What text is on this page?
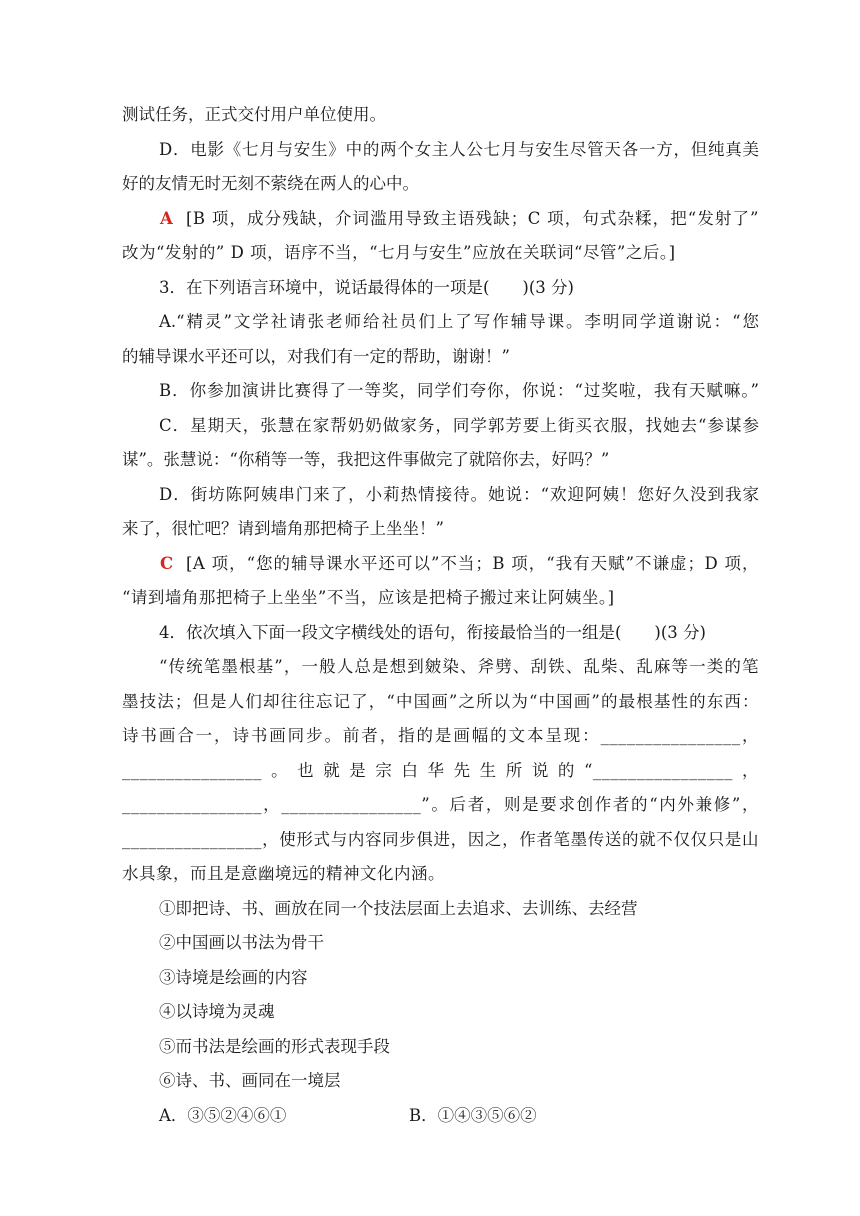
测试任务，正式交付用户单位使用。
D．电影《七月与安生》中的两个女主人公七月与安生尽管天各一方，但纯真美
好的友情无时无刻不萦绕在两人的心中。
A [B 项，成分残缺，介词滥用导致主语残缺；C 项，句式杂糅，把“发射了”
改为“发射的” D 项，语序不当，“七月与安生”应放在关联词“尽管”之后。]
3．在下列语言环境中，说话最得体的一项是(　　)(3 分)
A.“精灵”文学社请张老师给社员们上了写作辅导课。李明同学道谢说：“您
的辅导课水平还可以，对我们有一定的帮助，谢谢！”
B．你参加演讲比赛得了一等奖，同学们夸你，你说：“过奖啦，我有天赋嘛。”
C．星期天，张慧在家帮奶奶做家务，同学郭芳要上街买衣服，找她去“参谋参
谋”。张慧说：“你稍等一等，我把这件事做完了就陪你去，好吗？”
D．街坊陈阿姨串门来了，小莉热情接待。她说：“欢迎阿姨！您好久没到我家
来了，很忙吧？请到墙角那把椅子上坐坐！”
C [A 项，“您的辅导课水平还可以”不当；B 项，“我有天赋”不谦虚；D 项，
“请到墙角那把椅子上坐坐”不当，应该是把椅子搬过来让阿姨坐。]
4．依次填入下面一段文字横线处的语句，衔接最恰当的一组是(　　)(3 分)
“传统笔墨根基”，一般人总是想到皴染、斧劈、刮铁、乱柴、乱麻等一类的笔
墨技法；但是人们却往往忘记了，“中国画”之所以为“中国画”的最根基性的东西：
诗书画合一，诗书画同步。前者，指的是画幅的文本呈现：________________，
________________。也就是宗白华先生所说的“________________，
________________，________________”。后者，则是要求创作者的“内外兼修”，
________________，使形式与内容同步俱进，因之，作者笔墨传送的就不仅仅只是山
水具象，而且是意幽境远的精神文化内涵。
①即把诗、书、画放在同一个技法层面上去追求、去训练、去经营
②中国画以书法为骨干
③诗境是绘画的内容
④以诗境为灵魂
⑤而书法是绘画的形式表现手段
⑥诗、书、画同在一境层
A．③⑤②④⑥①	B．①④③⑤⑥②
